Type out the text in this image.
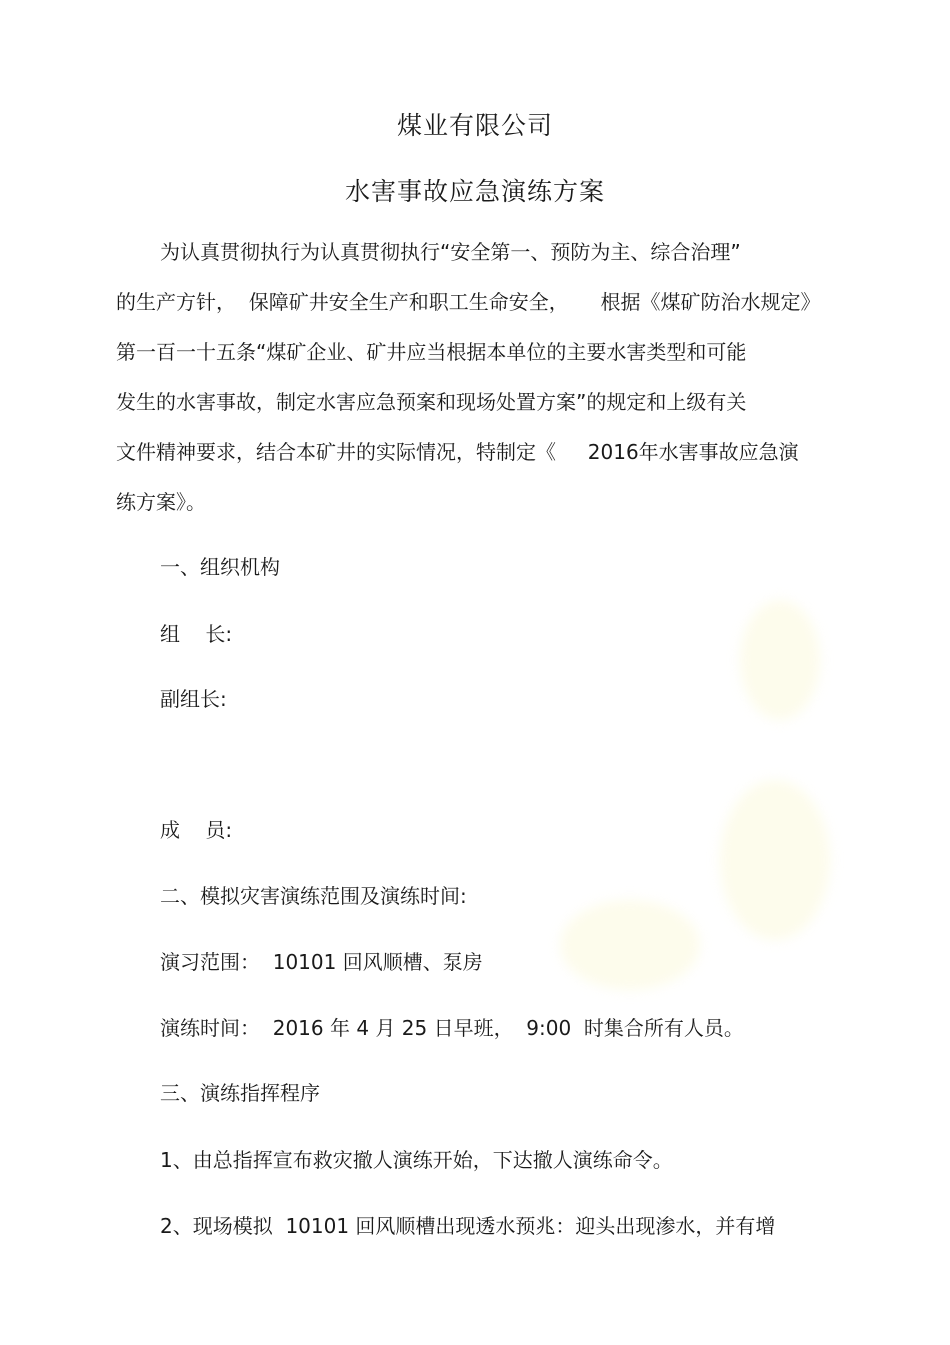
煤业有限公司
水害事故应急演练方案
为认真贯彻执行为认真贯彻执行“安全第一、预防为主、综合治理”
的生产方针，  保障矿井安全生产和职工生命安全，     根据《煤矿防治水规定》
第一百一十五条“煤矿企业、矿井应当根据本单位的主要水害类型和可能
发生的水害事故，制定水害应急预案和现场处置方案”的规定和上级有关
文件精神要求，结合本矿井的实际情况，特制定《     2016年水害事故应急演
练方案》。
一、组织机构
组    长:
副组长:
成    员:
二、模拟灾害演练范围及演练时间:
演习范围：  10101 回风顺槽、泵房
演练时间：  2016 年 4 月 25 日早班，  9:00  时集合所有人员。
三、演练指挥程序
1、由总指挥宣布救灾撤人演练开始，下达撤人演练命令。
2、现场模拟  10101 回风顺槽出现透水预兆：迎头出现渗水，并有增
